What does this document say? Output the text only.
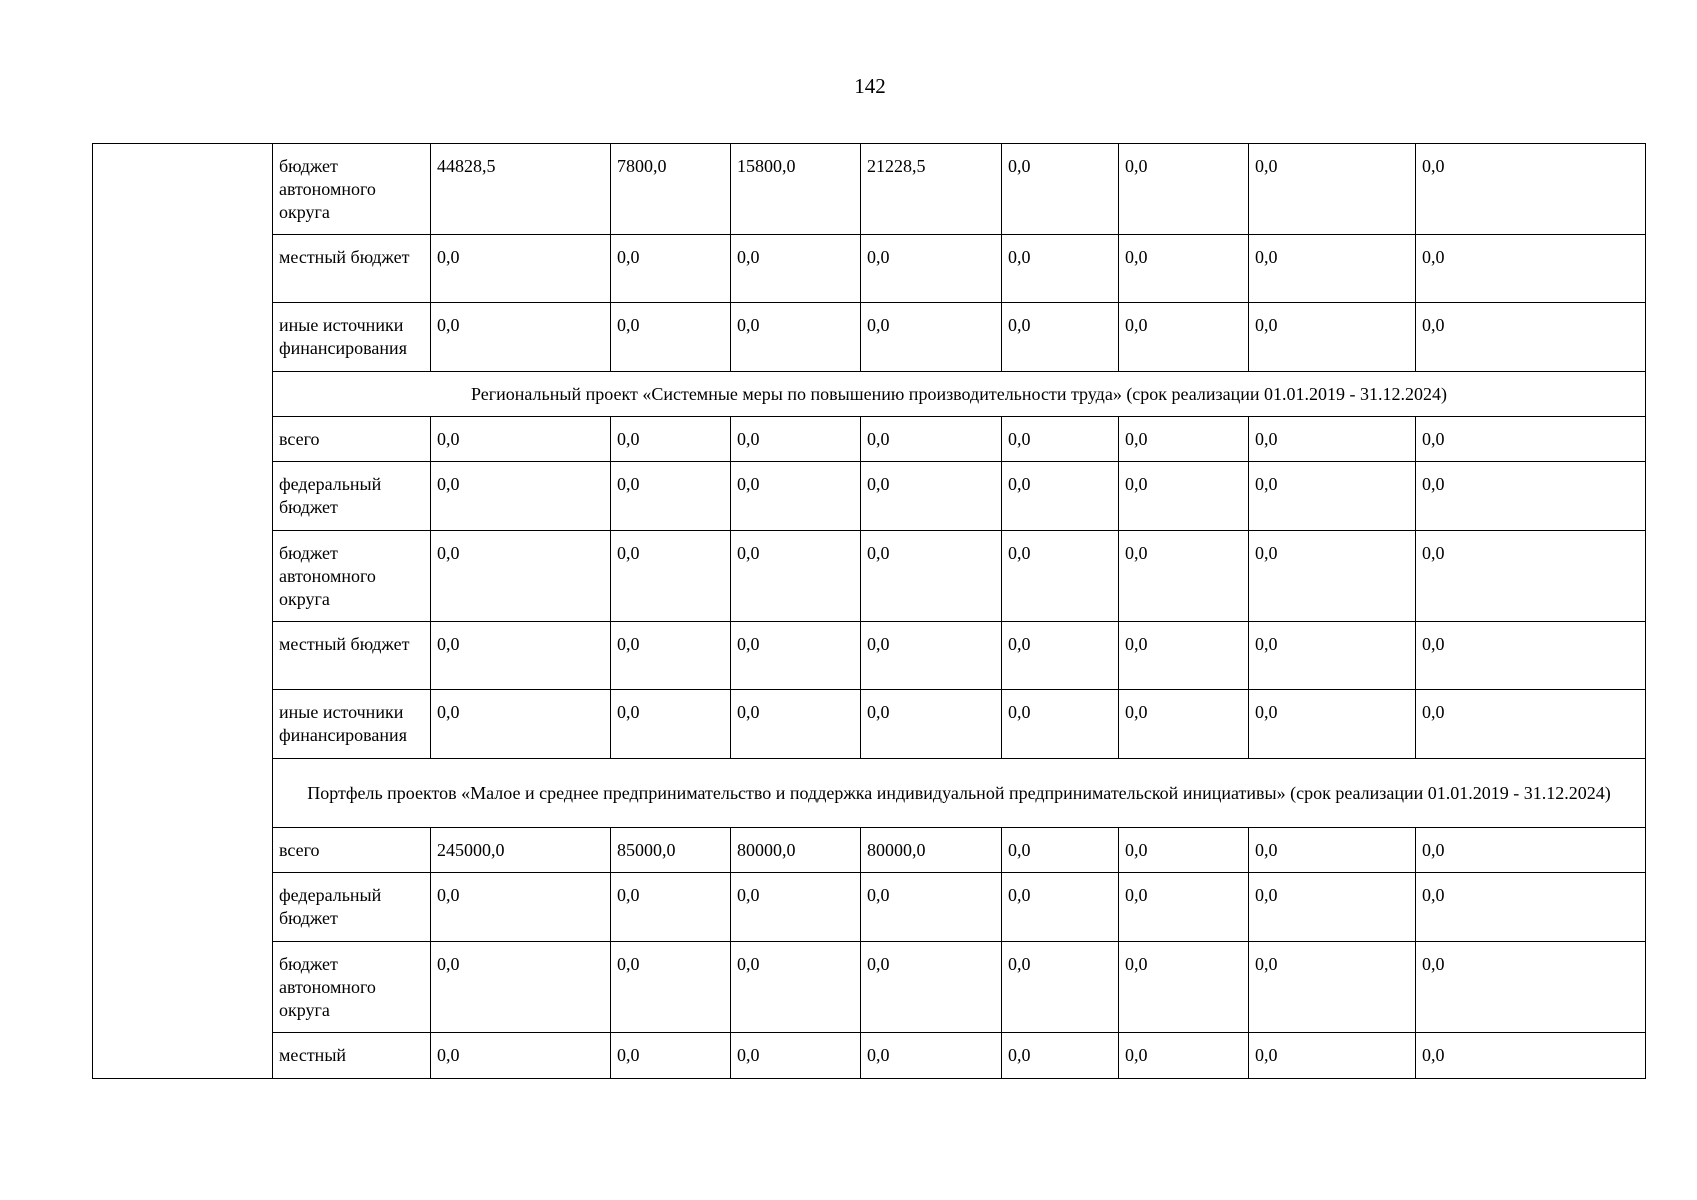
142
	бюджет автономного округа	44828,5	7800,0	15800,0	21228,5	0,0	0,0	0,0	0,0
	местный бюджет	0,0	0,0	0,0	0,0	0,0	0,0	0,0	0,0
	иные источники финансирования	0,0	0,0	0,0	0,0	0,0	0,0	0,0	0,0
	Региональный проект «Системные меры по повышению производительности труда» (срок реализации 01.01.2019 - 31.12.2024)								
	всего	0,0	0,0	0,0	0,0	0,0	0,0	0,0	0,0
	федеральный бюджет	0,0	0,0	0,0	0,0	0,0	0,0	0,0	0,0
	бюджет автономного округа	0,0	0,0	0,0	0,0	0,0	0,0	0,0	0,0
	местный бюджет	0,0	0,0	0,0	0,0	0,0	0,0	0,0	0,0
	иные источники финансирования	0,0	0,0	0,0	0,0	0,0	0,0	0,0	0,0
	Портфель проектов «Малое и среднее предпринимательство и поддержка индивидуальной предпринимательской инициативы» (срок реализации 01.01.2019 - 31.12.2024)								
	всего	245000,0	85000,0	80000,0	80000,0	0,0	0,0	0,0	0,0
	федеральный бюджет	0,0	0,0	0,0	0,0	0,0	0,0	0,0	0,0
	бюджет автономного округа	0,0	0,0	0,0	0,0	0,0	0,0	0,0	0,0
	местный	0,0	0,0	0,0	0,0	0,0	0,0	0,0	0,0
